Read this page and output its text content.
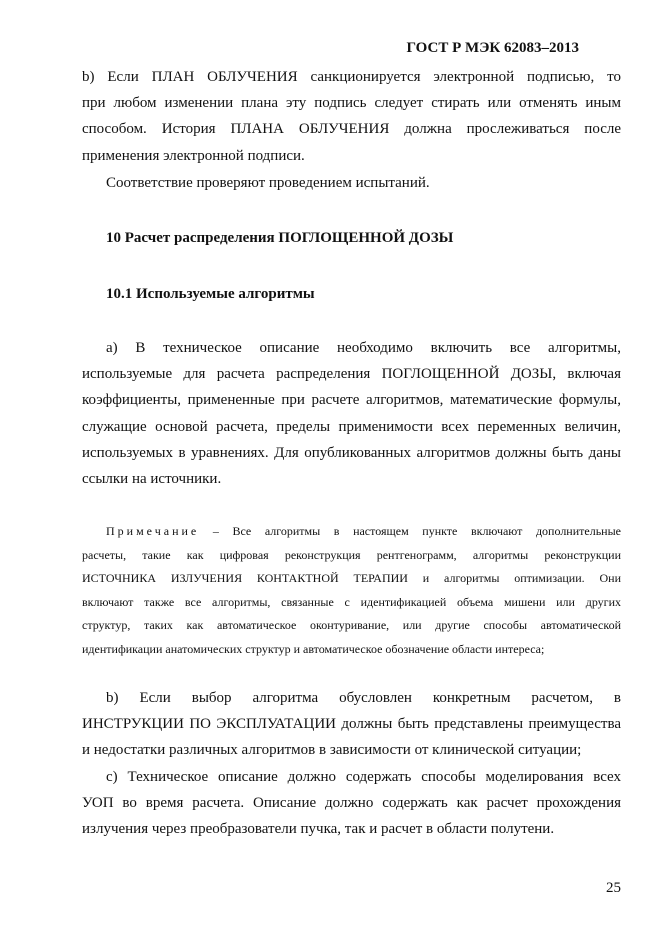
ГОСТ Р МЭК 62083–2013
b) Если ПЛАН ОБЛУЧЕНИЯ санкционируется электронной подписью, то
при любом изменении плана эту подпись следует стирать или отменять иным
способом. История ПЛАНА ОБЛУЧЕНИЯ должна прослеживаться после
применения электронной подписи.
Соответствие проверяют проведением испытаний.
10 Расчет распределения ПОГЛОЩЕННОЙ ДОЗЫ
10.1 Используемые алгоритмы
а) В техническое описание необходимо включить все алгоритмы,
используемые для расчета распределения ПОГЛОЩЕННОЙ ДОЗЫ, включая
коэффициенты, примененные при расчете алгоритмов, математические формулы,
служащие основой расчета, пределы применимости всех переменных величин,
используемых в уравнениях. Для опубликованных алгоритмов должны быть даны
ссылки на источники.
Примечание – Все алгоритмы в настоящем пункте включают дополнительные
расчеты, такие как цифровая реконструкция рентгенограмм, алгоритмы реконструкции
ИСТОЧНИКА ИЗЛУЧЕНИЯ КОНТАКТНОЙ ТЕРАПИИ и алгоритмы оптимизации. Они
включают также все алгоритмы, связанные с идентификацией объема мишени или других
структур, таких как автоматическое оконтуривание, или другие способы автоматической
идентификации анатомических структур и автоматическое обозначение области интереса;
b) Если выбор алгоритма обусловлен конкретным расчетом, в
ИНСТРУКЦИИ ПО ЭКСПЛУАТАЦИИ должны быть представлены преимущества
и недостатки различных алгоритмов в зависимости от клинической ситуации;
с) Техническое описание должно содержать способы моделирования всех
УОП во время расчета. Описание должно содержать как расчет прохождения
излучения через преобразователи пучка, так и расчет в области полутени.
25
